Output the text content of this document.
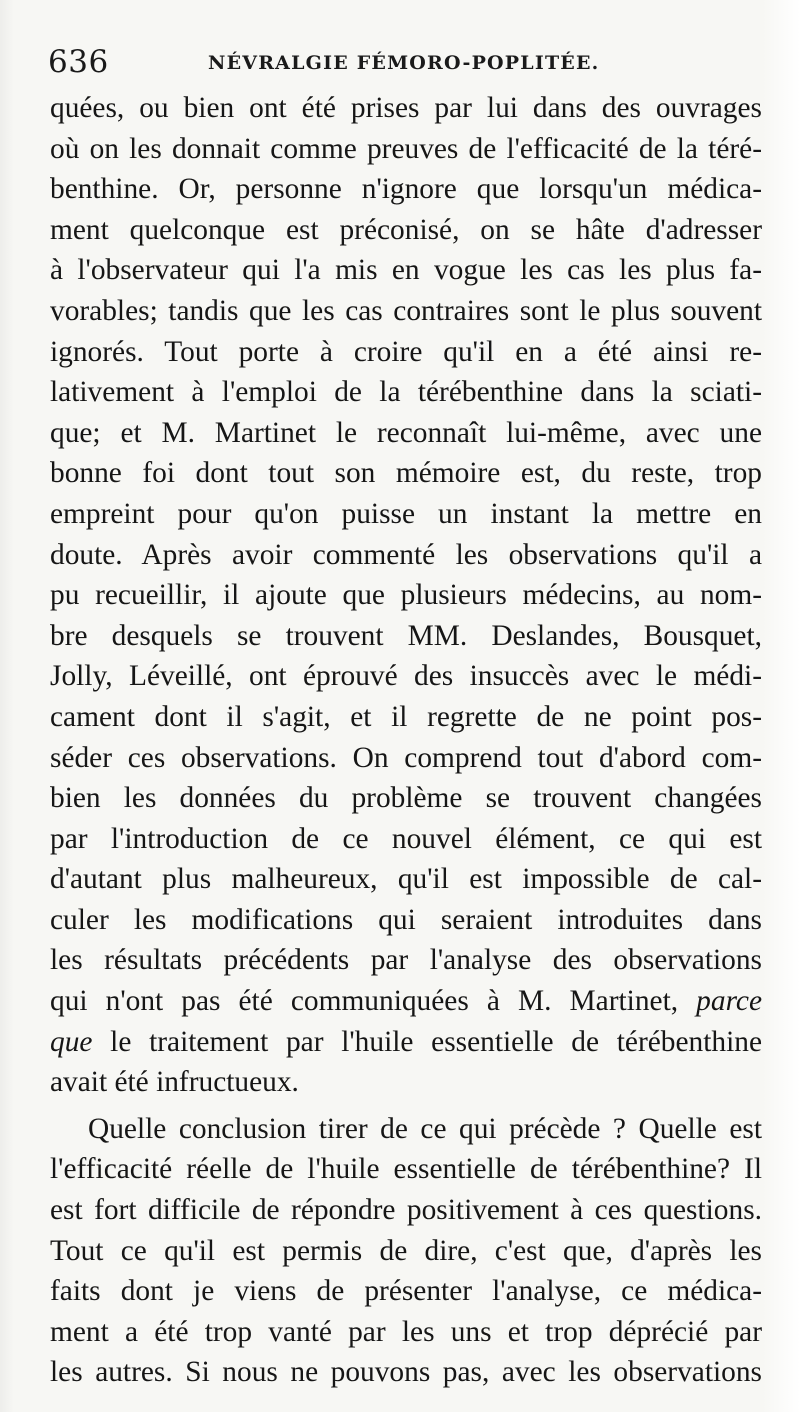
636	NÉVRALGIE FÉMORO-POPLITÉE.
quées, ou bien ont été prises par lui dans des ouvrages
où on les donnait comme preuves de l'efficacité de la téré-
benthine. Or, personne n'ignore que lorsqu'un médica-
ment quelconque est préconisé, on se hâte d'adresser
à l'observateur qui l'a mis en vogue les cas les plus fa-
vorables; tandis que les cas contraires sont le plus souvent
ignorés. Tout porte à croire qu'il en a été ainsi re-
lativement à l'emploi de la térébenthine dans la sciati-
que; et M. Martinet le reconnaît lui-même, avec une
bonne foi dont tout son mémoire est, du reste, trop
empreint pour qu'on puisse un instant la mettre en
doute. Après avoir commenté les observations qu'il a
pu recueillir, il ajoute que plusieurs médecins, au nom-
bre desquels se trouvent MM. Deslandes, Bousquet,
Jolly, Léveillé, ont éprouvé des insuccès avec le médi-
cament dont il s'agit, et il regrette de ne point pos-
séder ces observations. On comprend tout d'abord com-
bien les données du problème se trouvent changées
par l'introduction de ce nouvel élément, ce qui est
d'autant plus malheureux, qu'il est impossible de cal-
culer les modifications qui seraient introduites dans
les résultats précédents par l'analyse des observations
qui n'ont pas été communiquées à M. Martinet, parce
que le traitement par l'huile essentielle de térébenthine
avait été infructueux.
Quelle conclusion tirer de ce qui précède ? Quelle est
l'efficacité réelle de l'huile essentielle de térébenthine? Il
est fort difficile de répondre positivement à ces questions.
Tout ce qu'il est permis de dire, c'est que, d'après les
faits dont je viens de présenter l'analyse, ce médica-
ment a été trop vanté par les uns et trop déprécié par
les autres. Si nous ne pouvons pas, avec les observations
